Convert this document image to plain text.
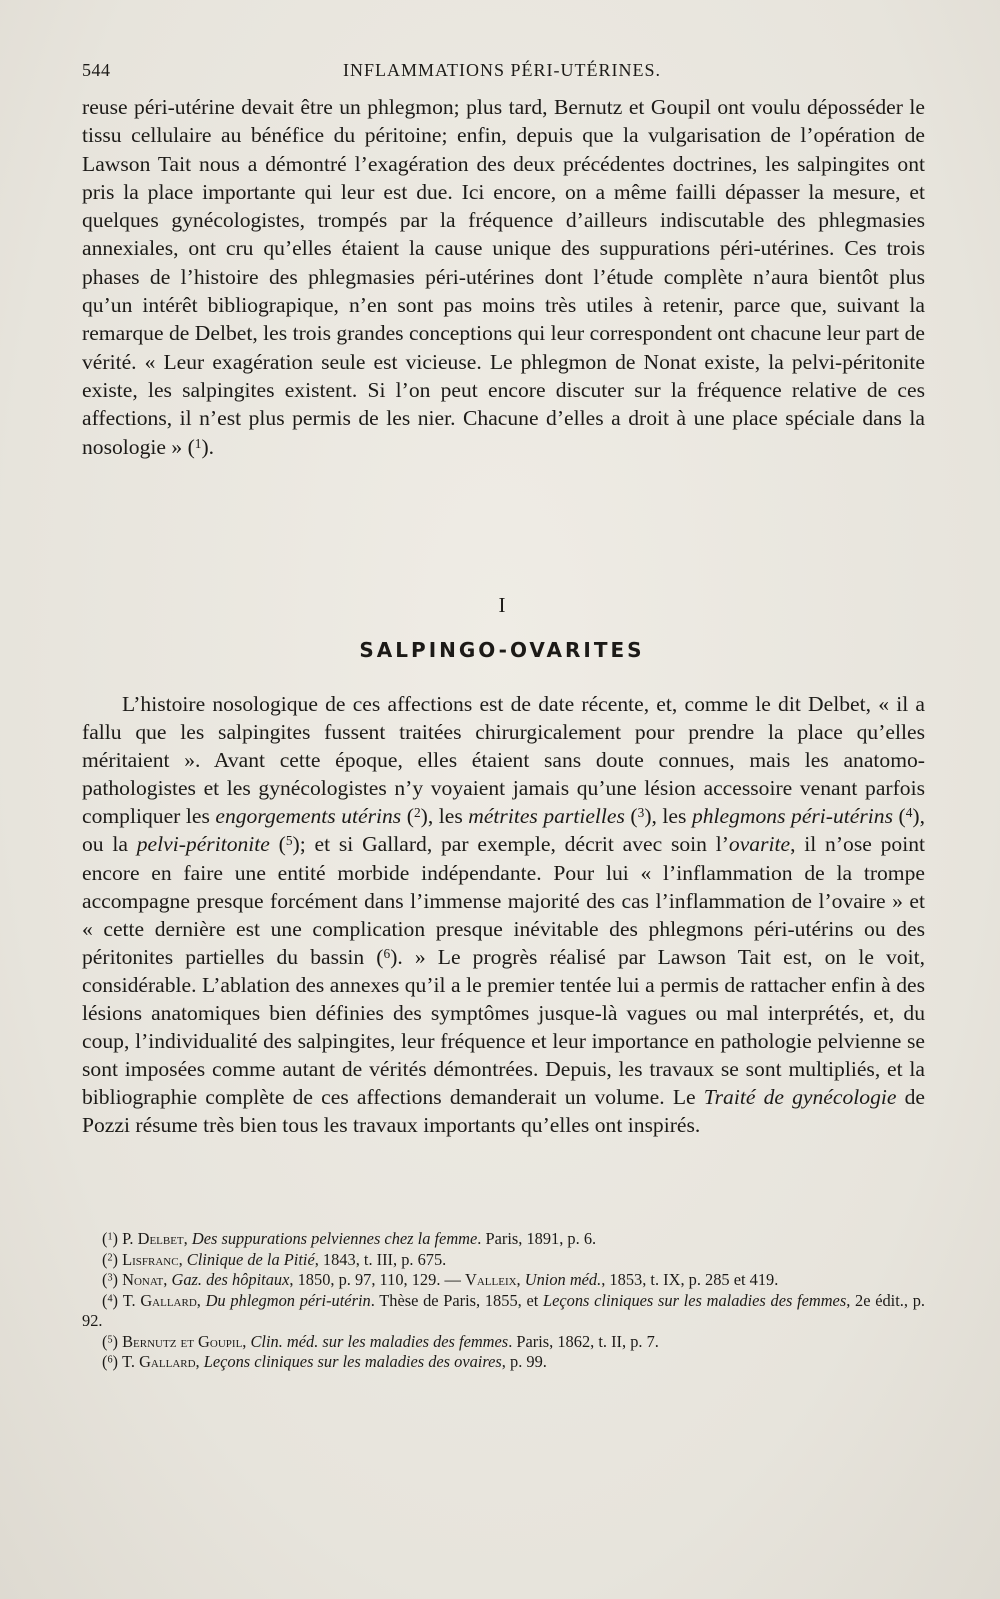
544	INFLAMMATIONS PÉRI-UTÉRINES.

reuse péri-utérine devait être un phlegmon; plus tard, Bernutz et Goupil ont voulu déposséder le tissu cellulaire au bénéfice du péritoine; enfin, depuis que la vulgarisation de l’opération de Lawson Tait nous a démontré l’exagération des deux précédentes doctrines, les salpingites ont pris la place importante qui leur est due. Ici encore, on a même failli dépasser la mesure, et quelques gynécologistes, trompés par la fréquence d’ailleurs indiscutable des phlegmasies annexiales, ont cru qu’elles étaient la cause unique des suppurations péri-utérines. Ces trois phases de l’histoire des phlegmasies péri-utérines dont l’étude complète n’aura bientôt plus qu’un intérêt bibliograpique, n’en sont pas moins très utiles à retenir, parce que, suivant la remarque de Delbet, les trois grandes conceptions qui leur correspondent ont chacune leur part de vérité. « Leur exagération seule est vicieuse. Le phlegmon de Nonat existe, la pelvi-péritonite existe, les salpingites existent. Si l’on peut encore discuter sur la fréquence relative de ces affections, il n’est plus permis de les nier. Chacune d’elles a droit à une place spéciale dans la nosologie » ($^1$).

I
SALPINGO-OVARITES

L’histoire nosologique de ces affections est de date récente, et, comme le dit Delbet, « il a fallu que les salpingites fussent traitées chirurgicalement pour prendre la place qu’elles méritaient ». Avant cette époque, elles étaient sans doute connues, mais les anatomo-pathologistes et les gynécologistes n’y voyaient jamais qu’une lésion accessoire venant parfois compliquer les engorgements utérins ($^2$), les métrites partielles ($^3$), les phlegmons péri-utérins ($^4$), ou la pelvi-péritonite ($^5$); et si Gallard, par exemple, décrit avec soin l’ovarite, il n’ose point encore en faire une entité morbide indépendante. Pour lui « l’inflammation de la trompe accompagne presque forcément dans l’immense majorité des cas l’inflammation de l’ovaire » et « cette dernière est une complication presque inévitable des phlegmons péri-utérins ou des péritonites partielles du bassin ($^6$). » Le progrès réalisé par Lawson Tait est, on le voit, considérable. L’ablation des annexes qu’il a le premier tentée lui a permis de rattacher enfin à des lésions anatomiques bien définies des symptômes jusque-là vagues ou mal interprétés, et, du coup, l’individualité des salpingites, leur fréquence et leur importance en pathologie pelvienne se sont imposées comme autant de vérités démontrées. Depuis, les travaux se sont multipliés, et la bibliographie complète de ces affections demanderait un volume. Le Traité de gynécologie de Pozzi résume très bien tous les travaux importants qu’elles ont inspirés.

($^1$) P. Delbet, Des suppurations pelviennes chez la femme. Paris, 1891, p. 6.

($^2$) Lisfranc, Clinique de la Pitié, 1843, t. III, p. 675.

($^3$) Nonat, Gaz. des hôpitaux, 1850, p. 97, 110, 129. — Valleix, Union méd., 1853, t. IX, p. 285 et 419.

($^4$) T. Gallard, Du phlegmon péri-utérin. Thèse de Paris, 1855, et Leçons cliniques sur les maladies des femmes, 2e édit., p. 92.

($^5$) Bernutz et Goupil, Clin. méd. sur les maladies des femmes. Paris, 1862, t. II, p. 7.

($^6$) T. Gallard, Leçons cliniques sur les maladies des ovaires, p. 99.
